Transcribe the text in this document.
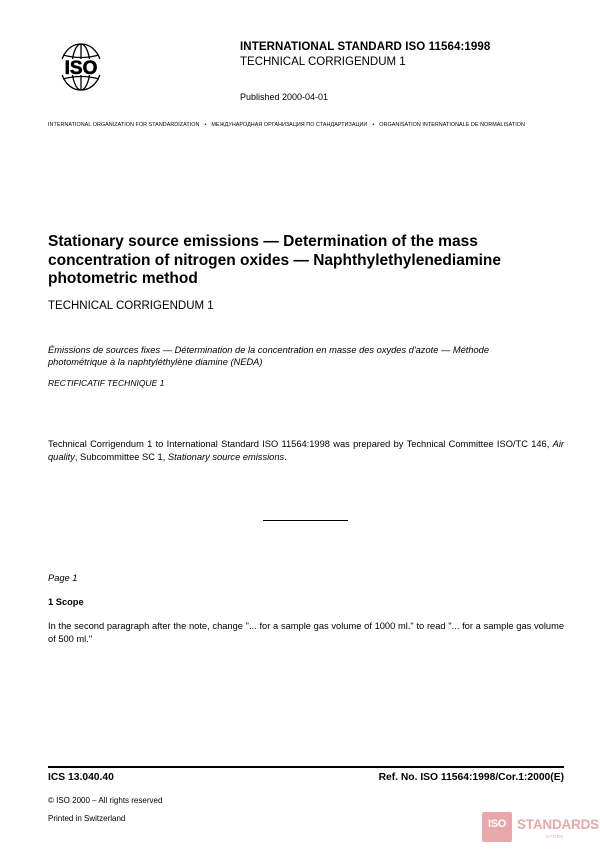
ISO
INTERNATIONAL STANDARD ISO 11564:1998
TECHNICAL CORRIGENDUM 1
Published 2000-04-01
INTERNATIONAL ORGANIZATION FOR STANDARDIZATION • МЕЖДУНАРОДНАЯ ОРГАНИЗАЦИЯ ПО СТАНДАРТИЗАЦИИ • ORGANISATION INTERNATIONALE DE NORMALISATION
Stationary source emissions — Determination of the mass concentration of nitrogen oxides — Naphthylethylenediamine photometric method
TECHNICAL CORRIGENDUM 1
Émissions de sources fixes — Détermination de la concentration en masse des oxydes d'azote — Méthode photométrique à la naphtyléthylène diamine (NEDA)
RECTIFICATIF TECHNIQUE 1
Technical Corrigendum 1 to International Standard ISO 11564:1998 was prepared by Technical Committee ISO/TC 146, Air quality, Subcommittee SC 1, Stationary source emissions.
Page 1
1 Scope
In the second paragraph after the note, change "... for a sample gas volume of 1000 ml." to read "... for a sample gas volume of 500 ml."
ICS 13.040.40	Ref. No. ISO 11564:1998/Cor.1:2000(E)
© ISO 2000 – All rights reserved
Printed in Switzerland	ISO STANDARDS
STORE
